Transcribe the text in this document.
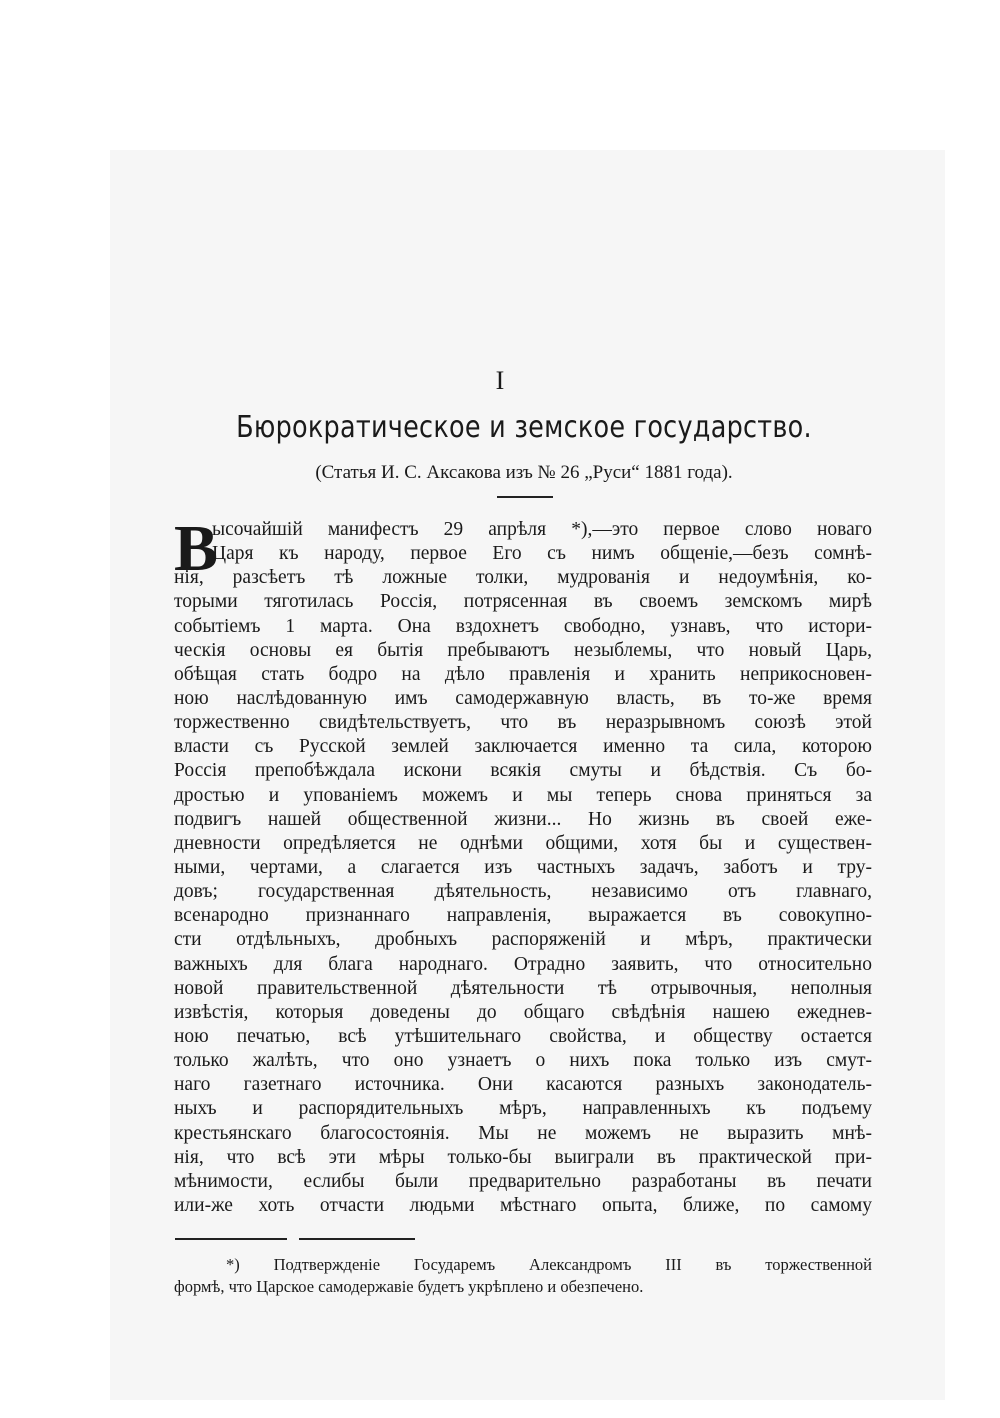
I
Бюрократическое и земское государство.
(Статья И. С. Аксакова изъ № 26 „Руси“ 1881 года).
В
ысочайшій манифестъ 29 апрѣля *),—это первое слово новаго
Царя къ народу, первое Его съ нимъ общеніе,—безъ сомнѣ-
нія, разсѣетъ тѣ ложные толки, мудрованія и недоумѣнія, ко-
торыми тяготилась Россія, потрясенная въ своемъ земскомъ мирѣ
событіемъ 1 марта. Она вздохнетъ свободно, узнавъ, что истори-
ческія основы ея бытія пребываютъ незыблемы, что новый Царь,
обѣщая стать бодро на дѣло правленія и хранить неприкосновен-
ною наслѣдованную имъ самодержавную власть, въ то-же время
торжественно свидѣтельствуетъ, что въ неразрывномъ союзѣ этой
власти съ Русской землей заключается именно та сила, которою
Россія препобѣждала искони всякія смуты и бѣдствія. Съ бо-
дростью и упованіемъ можемъ и мы теперь снова приняться за
подвигъ нашей общественной жизни... Но жизнь въ своей еже-
дневности опредѣляется не однѣми общими, хотя бы и существен-
ными, чертами, а слагается изъ частныхъ задачъ, заботъ и тру-
довъ; государственная дѣятельность, независимо отъ главнаго,
всенародно признаннаго направленія, выражается въ совокупно-
сти отдѣльныхъ, дробныхъ распоряженій и мѣръ, практически
важныхъ для блага народнаго. Отрадно заявить, что относительно
новой правительственной дѣятельности тѣ отрывочныя, неполныя
извѣстія, которыя доведены до общаго свѣдѣнія нашею ежеднев-
ною печатью, всѣ утѣшительнаго свойства, и обществу остается
только жалѣть, что оно узнаетъ о нихъ пока только изъ смут-
наго газетнаго источника. Они касаются разныхъ законодатель-
ныхъ и распорядительныхъ мѣръ, направленныхъ къ подъему
крестьянскаго благосостоянія. Мы не можемъ не выразить мнѣ-
нія, что всѣ эти мѣры только-бы выиграли въ практической при-
мѣнимости, еслибы были предварительно разработаны въ печати
или-же хоть отчасти людьми мѣстнаго опыта, ближе, по самому
*) Подтвержденіе Государемъ Александромъ III въ торжественной
формѣ, что Царское самодержавіе будетъ укрѣплено и обезпечено.
